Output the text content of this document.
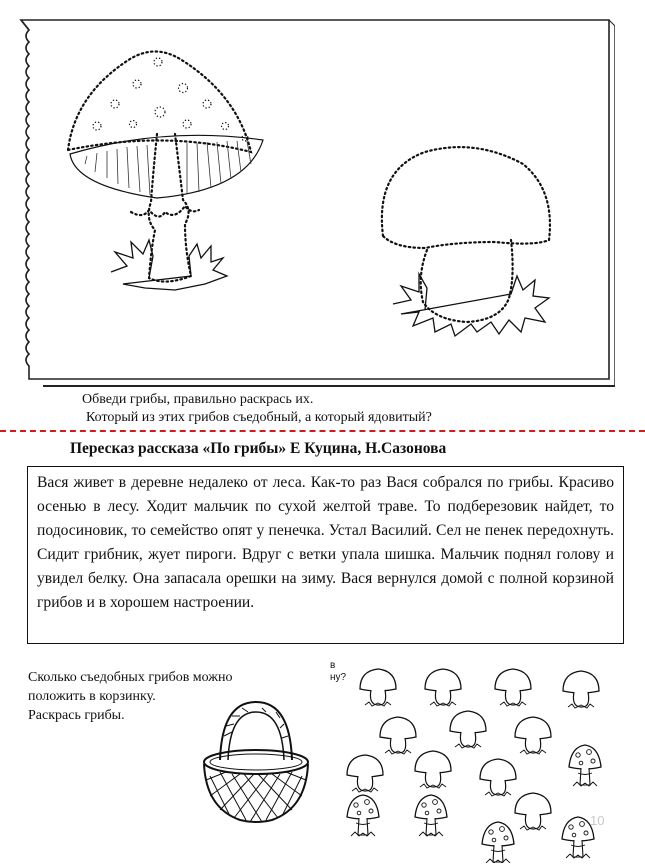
Обведи грибы, правильно раскрась их.
Который из этих грибов съедобный, а который ядовитый?
Пересказ рассказа «По грибы» Е Куцина, Н.Сазонова
Вася живет в деревне недалеко от леса. Как-то раз Вася собрался по грибы. Красиво осенью в лесу. Ходит мальчик по сухой желтой траве. То подберезовик найдет, то подосиновик, то семейство опят у пенечка. Устал Василий. Сел не пенек передохнуть. Сидит грибник, жует пироги. Вдруг с ветки упала шишка. Мальчик поднял голову и увидел белку. Она запасала орешки на зиму. Вася вернулся домой с полной корзиной грибов и в хорошем настроении.
Сколько съедобных грибов можно
положить в корзинку.
Раскрась грибы.
в
ну?
10
